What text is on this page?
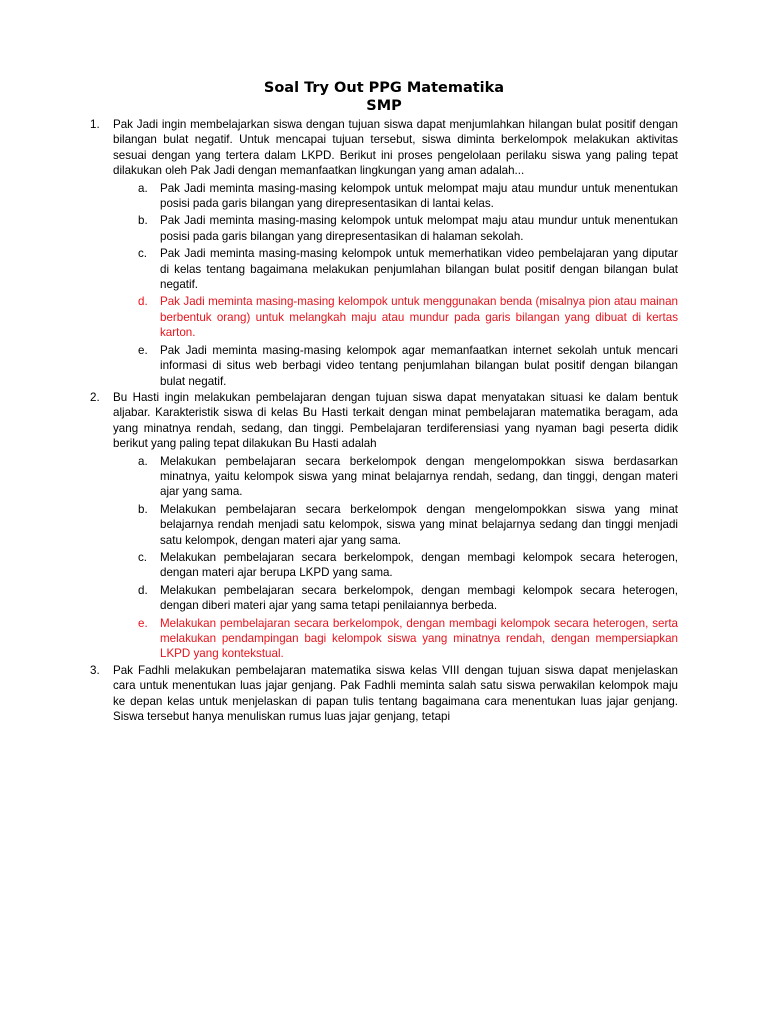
Soal Try Out PPG Matematika
SMP
1. Pak Jadi ingin membelajarkan siswa dengan tujuan siswa dapat menjumlahkan hilangan bulat positif dengan bilangan bulat negatif. Untuk mencapai tujuan tersebut, siswa diminta berkelompok melakukan aktivitas sesuai dengan yang tertera dalam LKPD. Berikut ini proses pengelolaan perilaku siswa yang paling tepat dilakukan oleh Pak Jadi dengan memanfaatkan lingkungan yang aman adalah...
a. Pak Jadi meminta masing-masing kelompok untuk melompat maju atau mundur untuk menentukan posisi pada garis bilangan yang direpresentasikan di lantai kelas.
b. Pak Jadi meminta masing-masing kelompok untuk melompat maju atau mundur untuk menentukan posisi pada garis bilangan yang direpresentasikan di halaman sekolah.
c. Pak Jadi meminta masing-masing kelompok untuk memerhatikan video pembelajaran yang diputar di kelas tentang bagaimana melakukan penjumlahan bilangan bulat positif dengan bilangan bulat negatif.
d. Pak Jadi meminta masing-masing kelompok untuk menggunakan benda (misalnya pion atau mainan berbentuk orang) untuk melangkah maju atau mundur pada garis bilangan yang dibuat di kertas karton.
e. Pak Jadi meminta masing-masing kelompok agar memanfaatkan internet sekolah untuk mencari informasi di situs web berbagi video tentang penjumlahan bilangan bulat positif dengan bilangan bulat negatif.
2. Bu Hasti ingin melakukan pembelajaran dengan tujuan siswa dapat menyatakan situasi ke dalam bentuk aljabar. Karakteristik siswa di kelas Bu Hasti terkait dengan minat pembelajaran matematika beragam, ada yang minatnya rendah, sedang, dan tinggi. Pembelajaran terdiferensiasi yang nyaman bagi peserta didik berikut yang paling tepat dilakukan Bu Hasti adalah
a. Melakukan pembelajaran secara berkelompok dengan mengelompokkan siswa berdasarkan minatnya, yaitu kelompok siswa yang minat belajarnya rendah, sedang, dan tinggi, dengan materi ajar yang sama.
b. Melakukan pembelajaran secara berkelompok dengan mengelompokkan siswa yang minat belajarnya rendah menjadi satu kelompok, siswa yang minat belajarnya sedang dan tinggi menjadi satu kelompok, dengan materi ajar yang sama.
c. Melakukan pembelajaran secara berkelompok, dengan membagi kelompok secara heterogen, dengan materi ajar berupa LKPD yang sama.
d. Melakukan pembelajaran secara berkelompok, dengan membagi kelompok secara heterogen, dengan diberi materi ajar yang sama tetapi penilaiannya berbeda.
e. Melakukan pembelajaran secara berkelompok, dengan membagi kelompok secara heterogen, serta melakukan pendampingan bagi kelompok siswa yang minatnya rendah, dengan mempersiapkan LKPD yang kontekstual.
3. Pak Fadhli melakukan pembelajaran matematika siswa kelas VIII dengan tujuan siswa dapat menjelaskan cara untuk menentukan luas jajar genjang. Pak Fadhli meminta salah satu siswa perwakilan kelompok maju ke depan kelas untuk menjelaskan di papan tulis tentang bagaimana cara menentukan luas jajar genjang. Siswa tersebut hanya menuliskan rumus luas jajar genjang, tetapi
